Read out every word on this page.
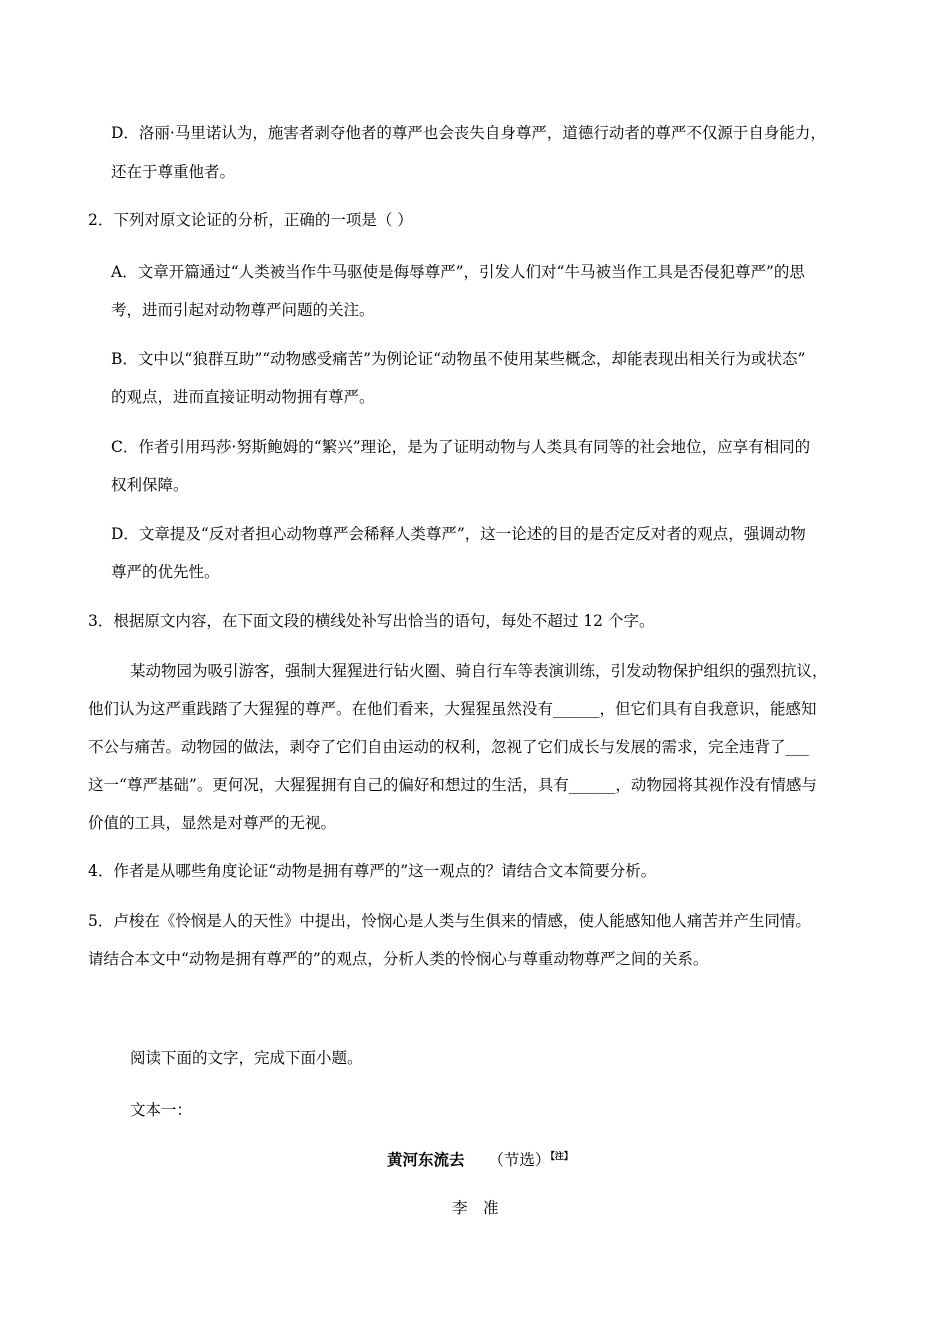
D．洛丽·马里诺认为，施害者剥夺他者的尊严也会丧失自身尊严，道德行动者的尊严不仅源于自身能力，
还在于尊重他者。
2．下列对原文论证的分析，正确的一项是（ ）
A．文章开篇通过“人类被当作牛马驱使是侮辱尊严”，引发人们对“牛马被当作工具是否侵犯尊严”的思
考，进而引起对动物尊严问题的关注。
B．文中以“狼群互助”“动物感受痛苦”为例论证“动物虽不使用某些概念，却能表现出相关行为或状态”
的观点，进而直接证明动物拥有尊严。
C．作者引用玛莎·努斯鲍姆的“繁兴”理论，是为了证明动物与人类具有同等的社会地位，应享有相同的
权利保障。
D．文章提及“反对者担心动物尊严会稀释人类尊严”，这一论述的目的是否定反对者的观点，强调动物
尊严的优先性。
3．根据原文内容，在下面文段的横线处补写出恰当的语句，每处不超过 12 个字。
某动物园为吸引游客，强制大猩猩进行钻火圈、骑自行车等表演训练，引发动物保护组织的强烈抗议，
他们认为这严重践踏了大猩猩的尊严。在他们看来，大猩猩虽然没有______，但它们具有自我意识，能感知
不公与痛苦。动物园的做法，剥夺了它们自由运动的权利，忽视了它们成长与发展的需求，完全违背了___
这一“尊严基础”。更何况，大猩猩拥有自己的偏好和想过的生活，具有______，动物园将其视作没有情感与
价值的工具，显然是对尊严的无视。
4．作者是从哪些角度论证“动物是拥有尊严的”这一观点的？请结合文本简要分析。
5．卢梭在《怜悯是人的天性》中提出，怜悯心是人类与生俱来的情感，使人能感知他人痛苦并产生同情。
请结合本文中“动物是拥有尊严的”的观点，分析人类的怜悯心与尊重动物尊严之间的关系。
阅读下面的文字，完成下面小题。
文本一：
黄河东流去 （节选）$^{【注】}$
李　准
